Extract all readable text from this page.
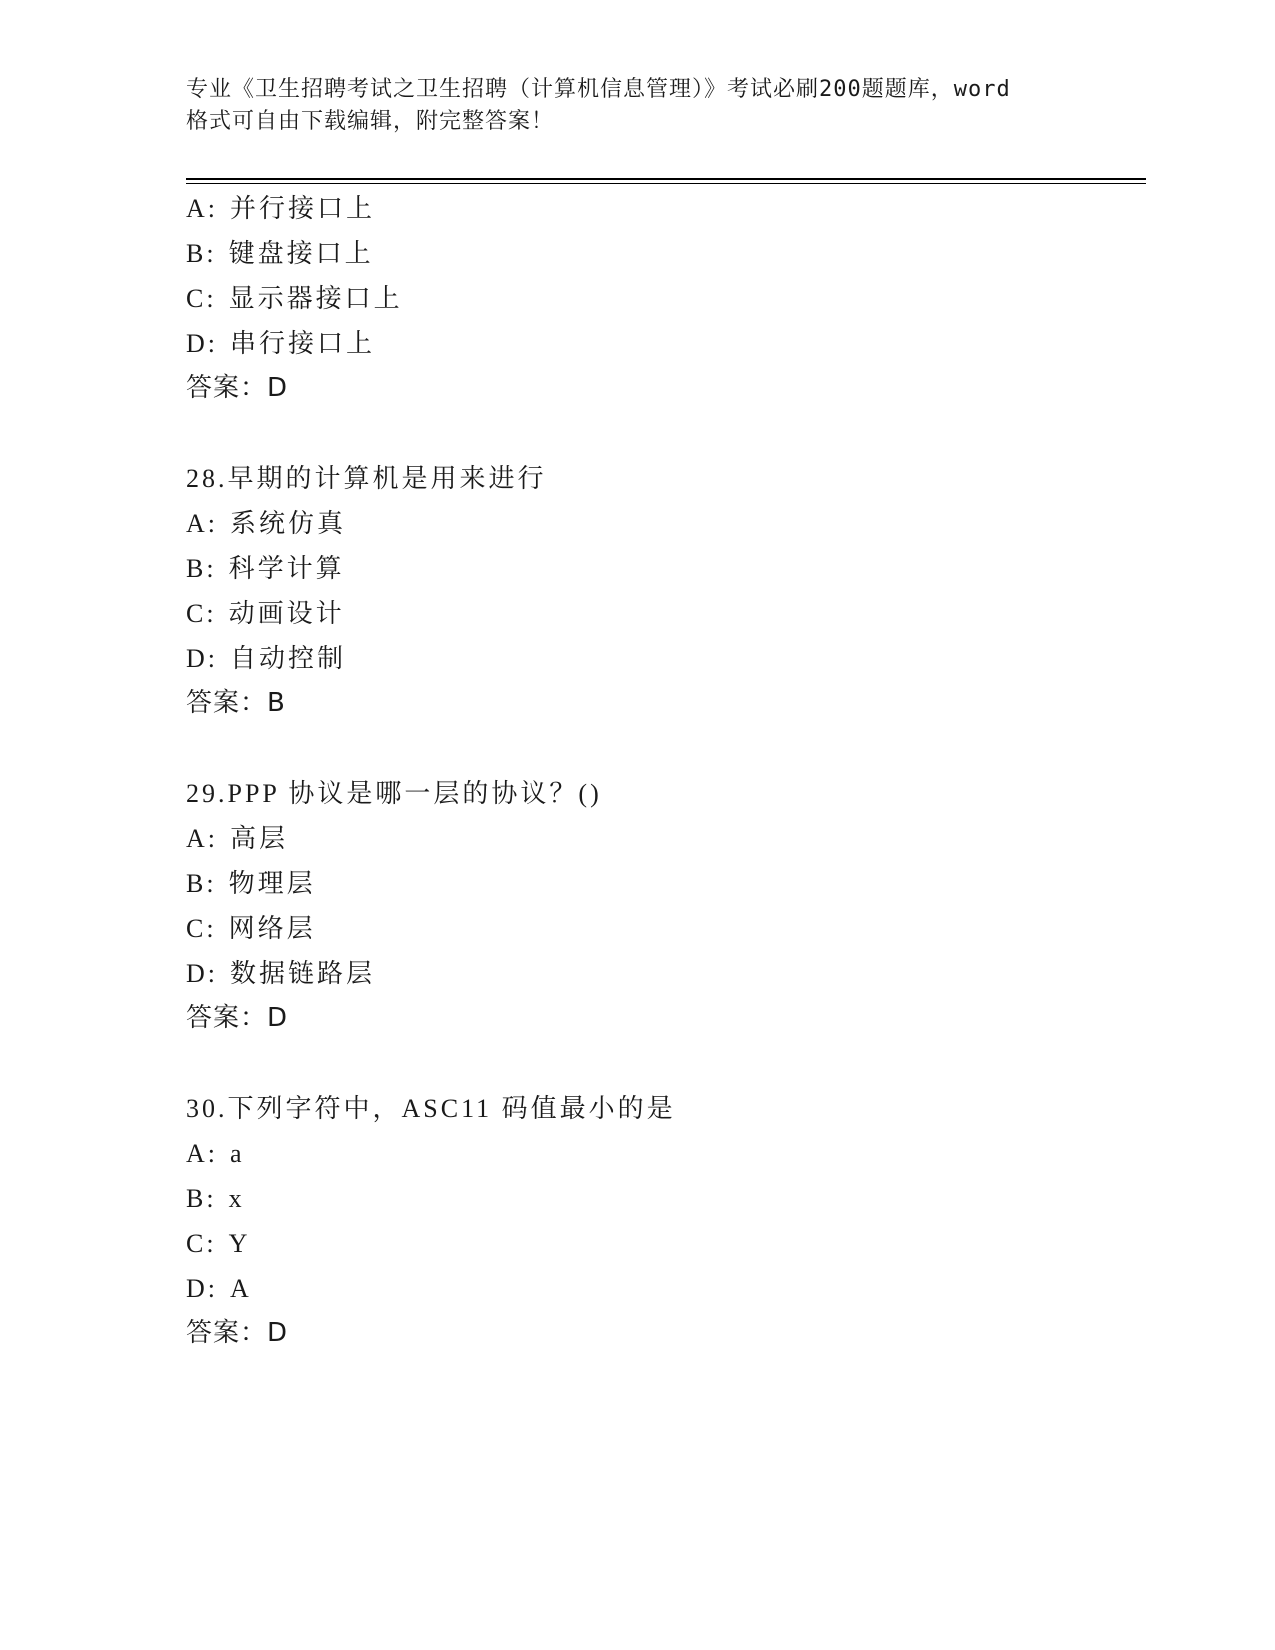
专业《卫生招聘考试之卫生招聘（计算机信息管理）》考试必刷200题题库，word

格式可自由下载编辑，附完整答案！

A: 并行接口上
B: 键盘接口上
C: 显示器接口上
D: 串行接口上
答案：D
28.早期的计算机是用来进行
A: 系统仿真
B: 科学计算
C: 动画设计
D: 自动控制
答案：B
29.PPP 协议是哪一层的协议？()
A: 高层
B: 物理层
C: 网络层
D: 数据链路层
答案：D
30.下列字符中，ASC11 码值最小的是
A: a
B: x
C: Y
D: A
答案：D
